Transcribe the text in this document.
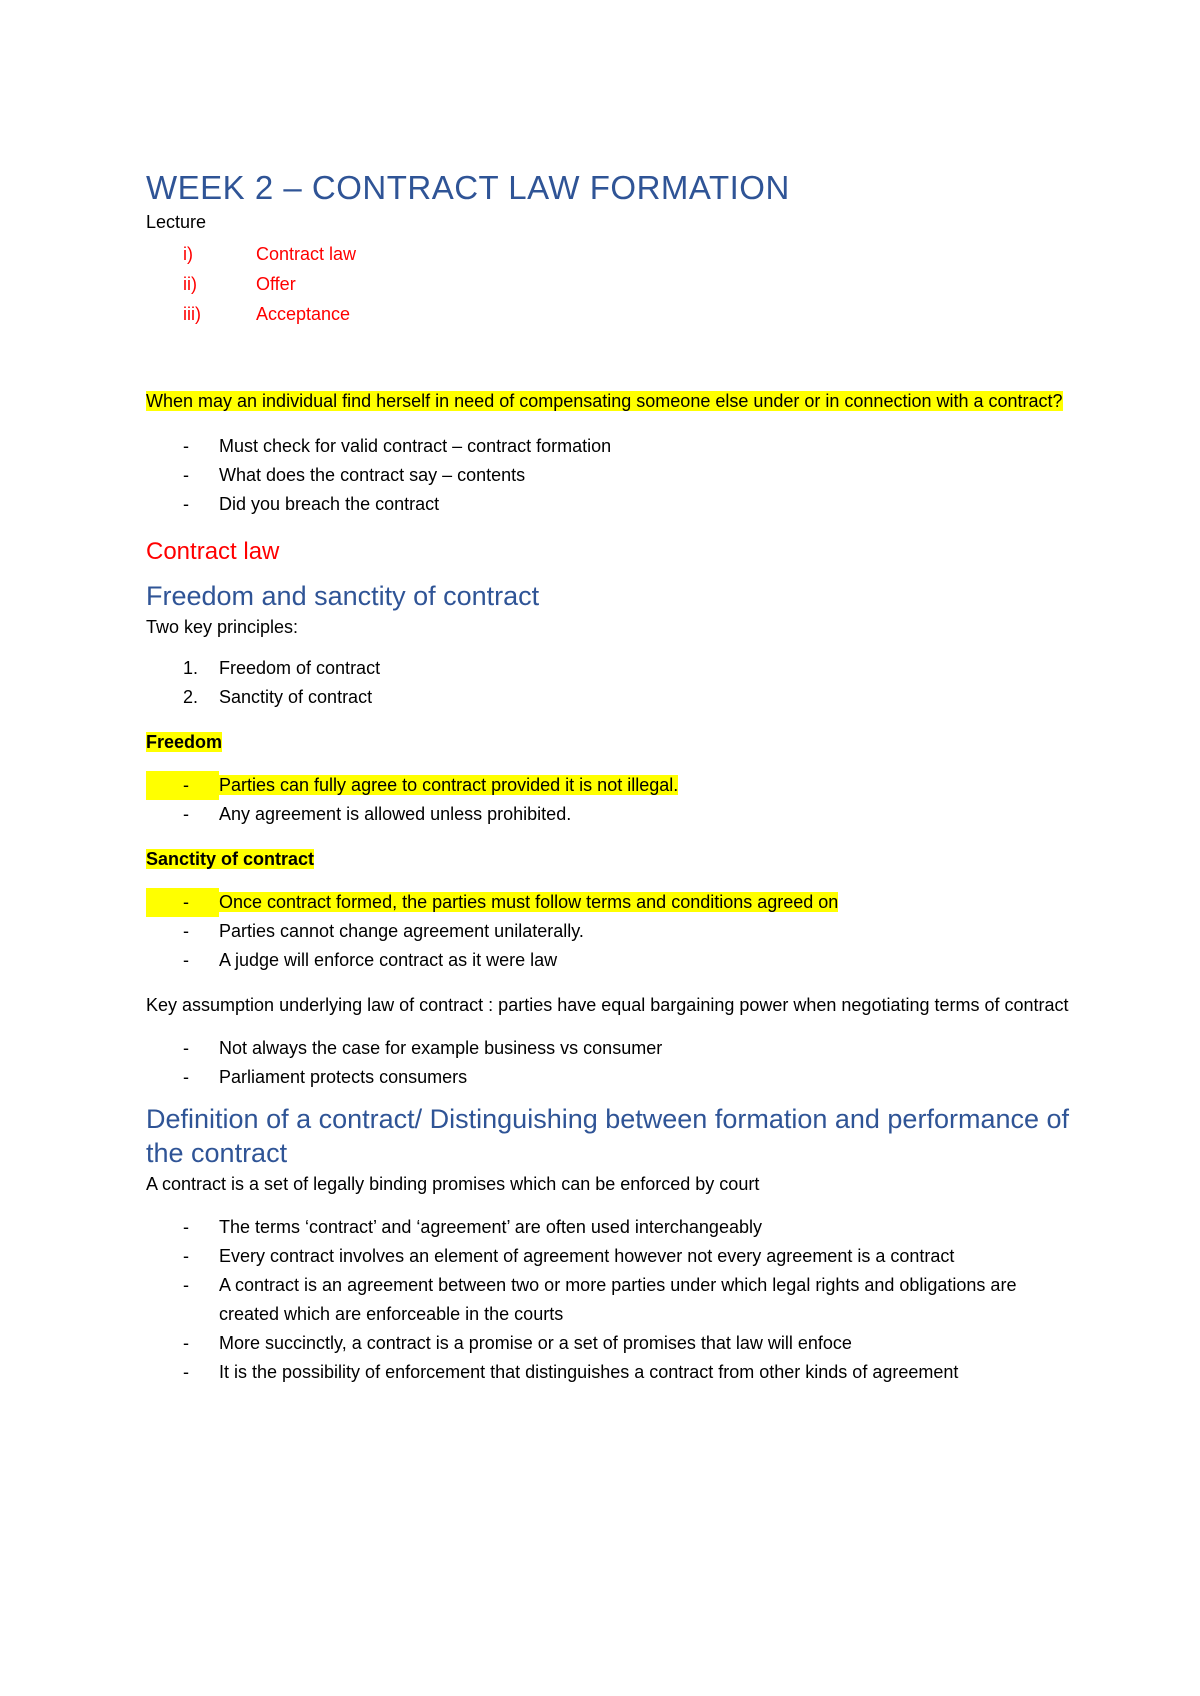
WEEK 2 – CONTRACT LAW FORMATION

Lecture

i)	Contract law
ii)	Offer
iii)	Acceptance

When may an individual find herself in need of compensating someone else under or in connection with a contract?

-	Must check for valid contract – contract formation
-	What does the contract say – contents
-	Did you breach the contract
Contract law
Freedom and sanctity of contract

Two key principles:

1.	Freedom of contract
2.	Sanctity of contract

Freedom

-	Parties can fully agree to contract provided it is not illegal.
-	Any agreement is allowed unless prohibited.

Sanctity of contract

-	Once contract formed, the parties must follow terms and conditions agreed on
-	Parties cannot change agreement unilaterally.
-	A judge will enforce contract as it were law

Key assumption underlying law of contract : parties have equal bargaining power when negotiating terms of contract

-	Not always the case for example business vs consumer
-	Parliament protects consumers
Definition of a contract/ Distinguishing between formation and performance of the contract

A contract is a set of legally binding promises which can be enforced by court

-	The terms ‘contract’ and ‘agreement’ are often used interchangeably
-	Every contract involves an element of agreement however not every agreement is a contract
-	A contract is an agreement between two or more parties under which legal rights and obligations are created which are enforceable in the courts
-	More succinctly, a contract is a promise or a set of promises that law will enfoce
-	It is the possibility of enforcement that distinguishes a contract from other kinds of agreement
